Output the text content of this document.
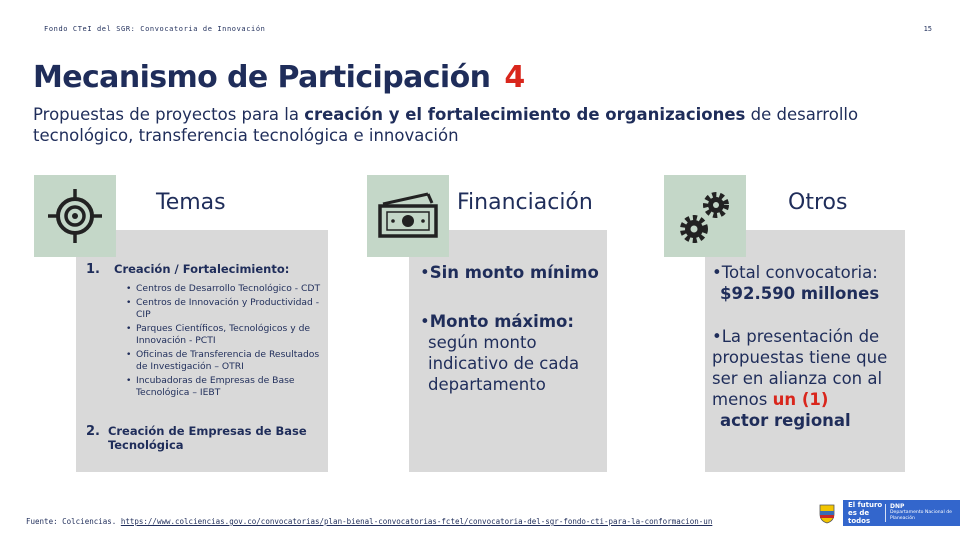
Fondo CTeI del SGR: Convocatoria de Innovación	15
Mecanismo de Participación 4
Propuestas de proyectos para la creación y el fortalecimiento de organizaciones de desarrollo tecnológico, transferencia tecnológica e innovación
Temas
1.	Creación / Fortalecimiento:
• Centros de Desarrollo Tecnológico - CDT
• Centros de Innovación y Productividad - CIP
• Parques Científicos, Tecnológicos y de Innovación - PCTI
• Oficinas de Transferencia de Resultados de Investigación – OTRI
• Incubadoras de Empresas de Base Tecnológica – IEBT
2. Creación de Empresas de Base Tecnológica
Financiación
•Sin monto mínimo
•Monto máximo:
según monto indicativo de cada departamento
Otros
•Total convocatoria:
$92.590 millones
•La presentación de propuestas tiene que ser en alianza con al menos un (1)
actor regional
Fuente: Colciencias. https://www.colciencias.gov.co/convocatorias/plan-bienal-convocatorias-fctel/convocatoria-del-sgr-fondo-cti-para-la-conformacion-un
El futuro es de todos
DNP
Departamento Nacional de Planeación
